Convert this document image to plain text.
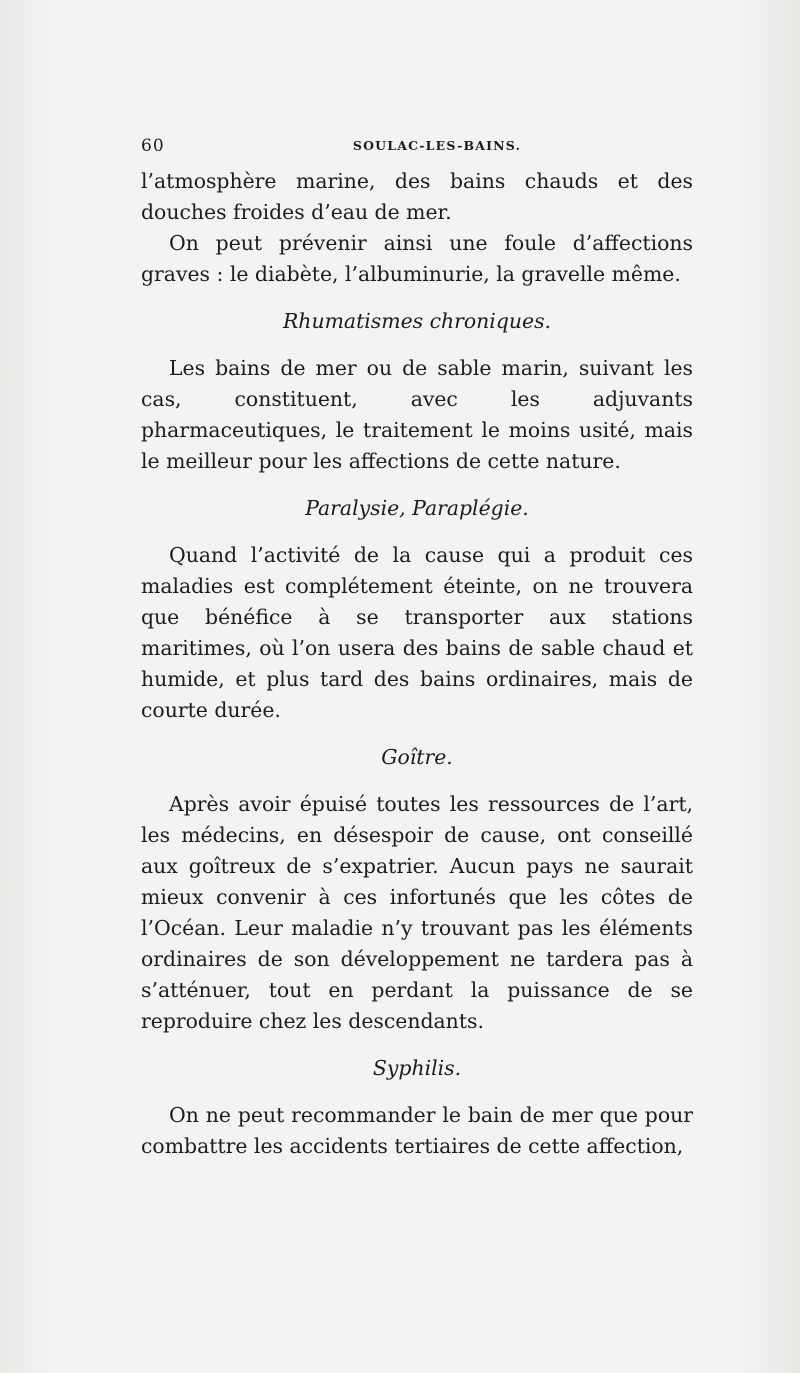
60	SOULAC-LES-BAINS.

l’atmosphère marine, des bains chauds et des douches froides d’eau de mer.

On peut prévenir ainsi une foule d’affections graves : le diabète, l’albuminurie, la gravelle même.

Rhumatismes chroniques.

Les bains de mer ou de sable marin, suivant les cas, constituent, avec les adjuvants pharmaceutiques, le traitement le moins usité, mais le meilleur pour les affections de cette nature.

Paralysie, Paraplégie.

Quand l’activité de la cause qui a produit ces maladies est complétement éteinte, on ne trouvera que bénéfice à se transporter aux stations maritimes, où l’on usera des bains de sable chaud et humide, et plus tard des bains ordinaires, mais de courte durée.

Goître.

Après avoir épuisé toutes les ressources de l’art, les médecins, en désespoir de cause, ont conseillé aux goîtreux de s’expatrier. Aucun pays ne saurait mieux convenir à ces infortunés que les côtes de l’Océan. Leur maladie n’y trouvant pas les éléments ordinaires de son développement ne tardera pas à s’atténuer, tout en perdant la puissance de se reproduire chez les descendants.

Syphilis.

On ne peut recommander le bain de mer que pour combattre les accidents tertiaires de cette affection,
